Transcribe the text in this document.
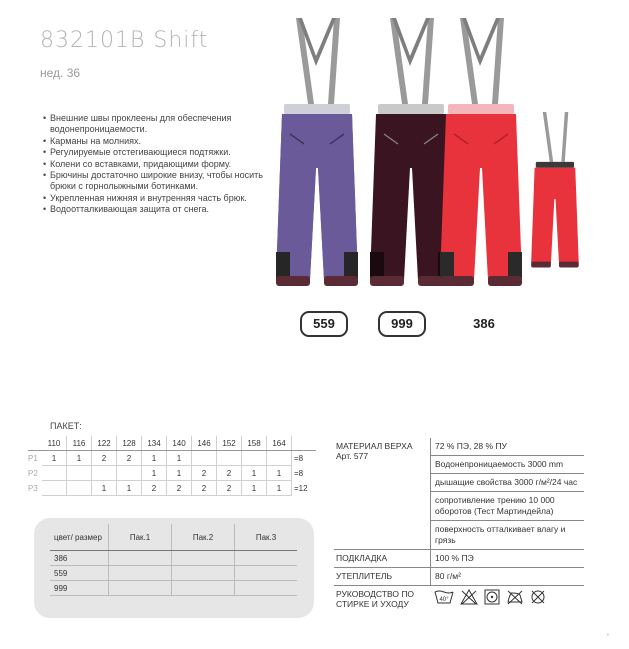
832101B Shift
нед. 36
• Внешние швы проклеены для обеспечения водонепроницаемости.
• Карманы на молниях.
• Регулируемые отстегивающиеся подтяжки.
• Колени со вставками, придающими форму.
• Брючины достаточно широкие внизу, чтобы носить брюки с горнолыжными ботинками.
• Укрепленная нижняя и внутренняя часть брюк.
• Водоотталкивающая защита от снега.
559	999	386
ПАКЕТ:
	110	116	122	128	134	140	146	152	158	164	
P1	1	1	2	2	1	1					=8
P2					1	1	2	2	1	1	=8
P3			1	1	2	2	2	2	1	1	=12
цвет/ размер	Пак.1	Пак.2	Пак.3
386			
559			
999			
МАТЕРИАЛ ВЕРХА
Арт. 577
72 % ПЭ, 28 % ПУ
Водонепроницаемость 3000 mm
дышащие свойства 3000 г/м²/24 час
сопротивление трению 10 000 оборотов (Тест Мартиндейла)
поверхность отталкивает влагу и грязь
ПОДКЛАДКА	100 % ПЭ
УТЕПЛИТЕЛЬ	80 г/м²
РУКОВОДСТВО ПО СТИРКЕ И УХОДУ	40°
•
